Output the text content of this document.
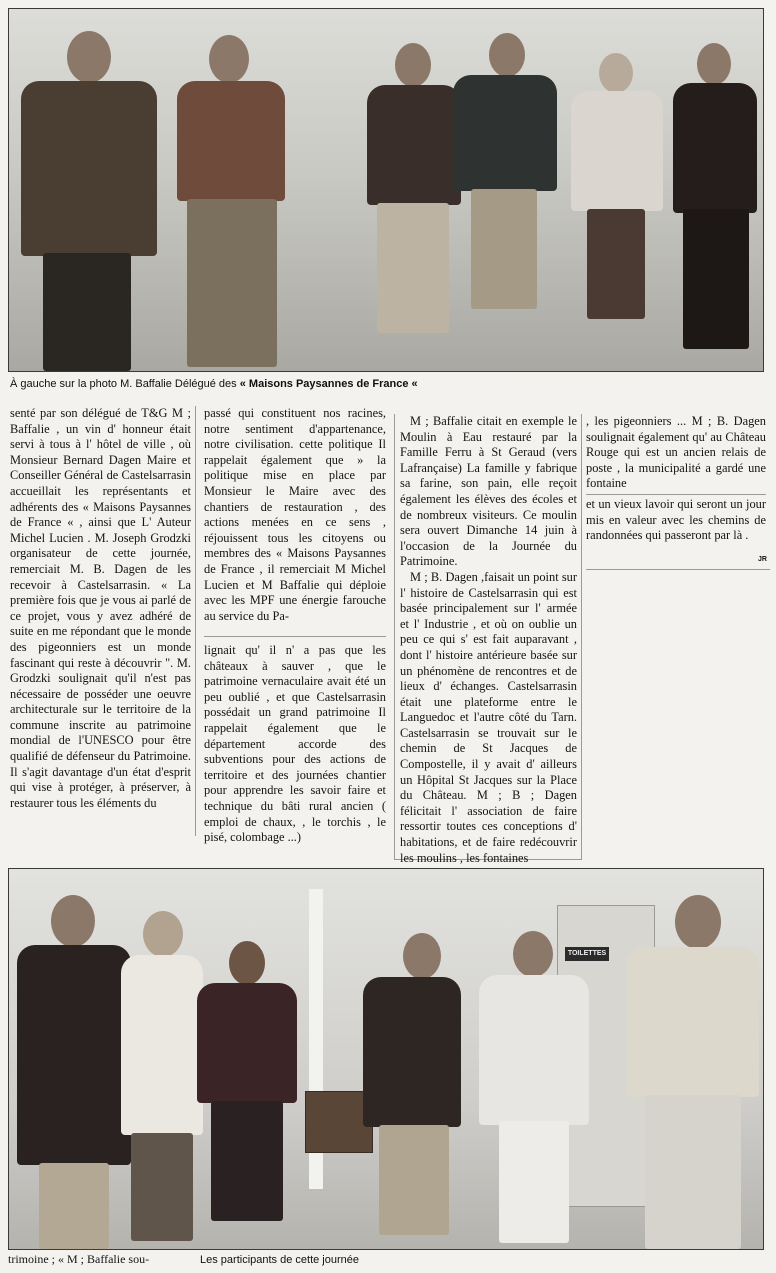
À gauche sur la photo M. Baffalie Délégué des « Maisons Paysannes de France «

senté par son délégué de T&G M ; Baffalie , un vin d' honneur était servi à tous à l' hôtel de ville , où Monsieur Bernard Dagen Maire et Conseiller Général de Castelsarrasin accueillait les représentants et adhérents des « Maisons Paysannes de France « , ainsi que L' Auteur Michel Lucien . M. Joseph Grodzki organisateur de cette journée, remerciait M. B. Dagen de les recevoir à Castelsarrasin. « La première fois que je vous ai parlé de ce projet, vous y avez adhéré de suite en me répondant que le monde des pigeonniers est un monde fascinant qui reste à découvrir ". M. Grodzki soulignait qu'il n'est pas nécessaire de posséder une oeuvre architecturale sur le territoire de la commune inscrite au patrimoine mondial de l'UNESCO pour être qualifié de défenseur du Patrimoine. Il s'agit davantage d'un état d'esprit qui vise à protéger, à préserver, à restaurer tous les éléments du

passé qui constituent nos racines, notre sentiment d'appartenance, notre civilisation. cette politique Il rappelait également que » la politique mise en place par Monsieur le Maire avec des chantiers de restauration , des actions menées en ce sens , réjouissent tous les citoyens ou membres des « Maisons Paysannes de France , il remerciait M Michel Lucien et M Baffalie qui déploie avec les MPF une énergie farouche au service du Pa-

lignait qu' il n' a pas que les châteaux à sauver , que le patrimoine vernaculaire avait été un peu oublié , et que Castelsarrasin possédait un grand patrimoine Il rappelait également que le département accorde des subventions pour des actions de territoire et des journées chantier pour apprendre les savoir faire et technique du bâti rural ancien ( emploi de chaux, , le torchis , le pisé, colombage ...)

M ; Baffalie citait en exemple le Moulin à Eau restauré par la Famille Ferru à St Geraud (vers Lafrançaise) La famille y fabrique sa farine, son pain, elle reçoit également les élèves des écoles et de nombreux visiteurs. Ce moulin sera ouvert Dimanche 14 juin à l'occasion de la Journée du Patrimoine.

M ; B. Dagen ,faisait un point sur l' histoire de Castelsarrasin qui est basée principalement sur l' armée et l' Industrie , et où on oublie un peu ce qui s' est fait auparavant , dont l' histoire antérieure basée sur un phénomène de rencontres et de lieux d' échanges. Castelsarrasin était une plateforme entre le Languedoc et l'autre côté du Tarn. Castelsarrasin se trouvait sur le chemin de St Jacques de Compostelle, il y avait d' ailleurs un Hôpital St Jacques sur la Place du Château. M ; B ; Dagen félicitait l' association de faire ressortir toutes ces conceptions d' habitations, et de faire redécouvrir les moulins , les fontaines

, les pigeonniers ... M ; B. Dagen soulignait également qu' au Château Rouge qui est un ancien relais de poste , la municipalité a gardé une fontaine

et un vieux lavoir qui seront un jour mis en valeur avec les chemins de randonnées qui passeront par là .

JR
TOILETTES
trimoine ; « M ; Baffalie sou-	Les participants de cette journée
